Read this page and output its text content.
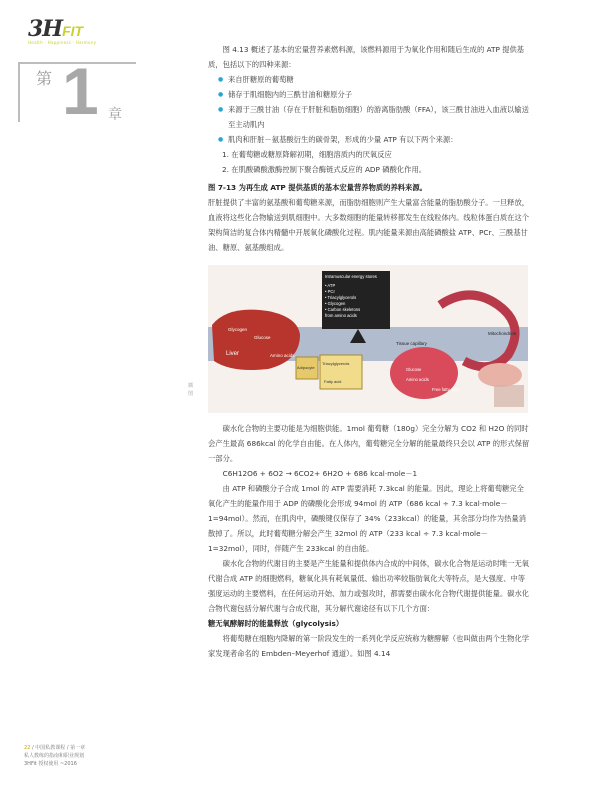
3HFIT
Health · Happiness · Harmony
第 1 章
插 图

图 4.13 概述了基本的宏量营养素燃料源，该燃料源用于为氧化作用和随后生成的 ATP 提供基质，包括以下的四种来源：

● 来自肝糖原的葡萄糖
● 储存于肌细胞内的三酰甘油和糖原分子
● 来源于三酰甘油（存在于肝脏和脂肪细胞）的游离脂肪酸（FFA），该三酰甘油进入血液以输送至主动肌内
● 肌肉和肝脏－氨基酸衍生的碳骨架，形成的少量 ATP 有以下两个来源：
1. 在葡萄糖或糖原降解初期，细胞溶质内的厌氧反应
2. 在肌酸磷酸激酶控制下聚合酶链式反应的 ADP 磷酸化作用。
图 7-13 为再生成 ATP 提供基质的基本宏量营养物质的养料来源。

肝脏提供了丰富的氨基酸和葡萄糖来源，而脂肪细胞则产生大量富含能量的脂肪酸分子。一旦释放，血液将这些化合物输送到肌细胞中。大多数细胞的能量转移都发生在线粒体内。线粒体蛋白质在这个架构简洁的复合体内精髓中开展氧化磷酸化过程。肌内能量来源由高能磷酸盐 ATP、PCr、三酰基甘油、糖原、氨基酸组成。

Liver
Glycogen
Glucose
Amino acids
Adipocyte
Triacylglycerols
Fatty acid
Intramuscular energy stores
• ATP
• PCr
• Triacylglycerols
• Glycogen
• Carbon skeletons
from amino acids
Tissue capillary
Glucose
Amino acids
Free fatty acid
Mitochondrion

碳水化合物的主要功能是为细胞供能。1mol 葡萄糖（180g）完全分解为 CO2 和 H2O 的同时会产生最高 686kcal 的化学自由能。在人体内，葡萄糖完全分解的能量最终只会以 ATP 的形式保留一部分。

C6H12O6 + 6O2 → 6CO2+ 6H2O + 686 kcal·mole－1

由 ATP 和磷酸分子合成 1mol 的 ATP 需要消耗 7.3kcal 的能量。因此，理论上将葡萄糖完全氧化产生的能量作用于 ADP 的磷酸化会形成 94mol 的 ATP（686 kcal ÷ 7.3 kcal·mole－1=94mol）。然而，在肌肉中，磷酸键仅保存了 34%（233kcal）的能量，其余部分均作为热量消散掉了。所以，此时葡萄糖分解会产生 32mol 的 ATP（233 kcal ÷ 7.3 kcal·mole－1=32mol），同时，伴随产生 233kcal 的自由能。

碳水化合物的代谢目的主要是产生能量和提供体内合成的中间体，碳水化合物是运动时唯一无氧代谢合成 ATP 的细胞燃料，糖氧化具有耗氧量低、输出功率较脂肪氧化大等特点，是大强度、中等强度运动的主要燃料，在任何运动开始、加力或强攻时，都需要由碳水化合物代谢提供能量。碳水化合物代谢包括分解代谢与合成代谢，其分解代谢途径有以下几个方面：

糖无氧酵解时的能量释放（glycolysis）

将葡萄糖在细胞内降解的第一阶段发生的一系列化学反应统称为糖酵解（也叫做由两个生物化学家发现者命名的 Embden–Meyerhof 通道）。如图 4.14

22 / 中国私教课程 / 第一章
私人教练的指南和职业规划
3HFit 授权使用 ~2016
